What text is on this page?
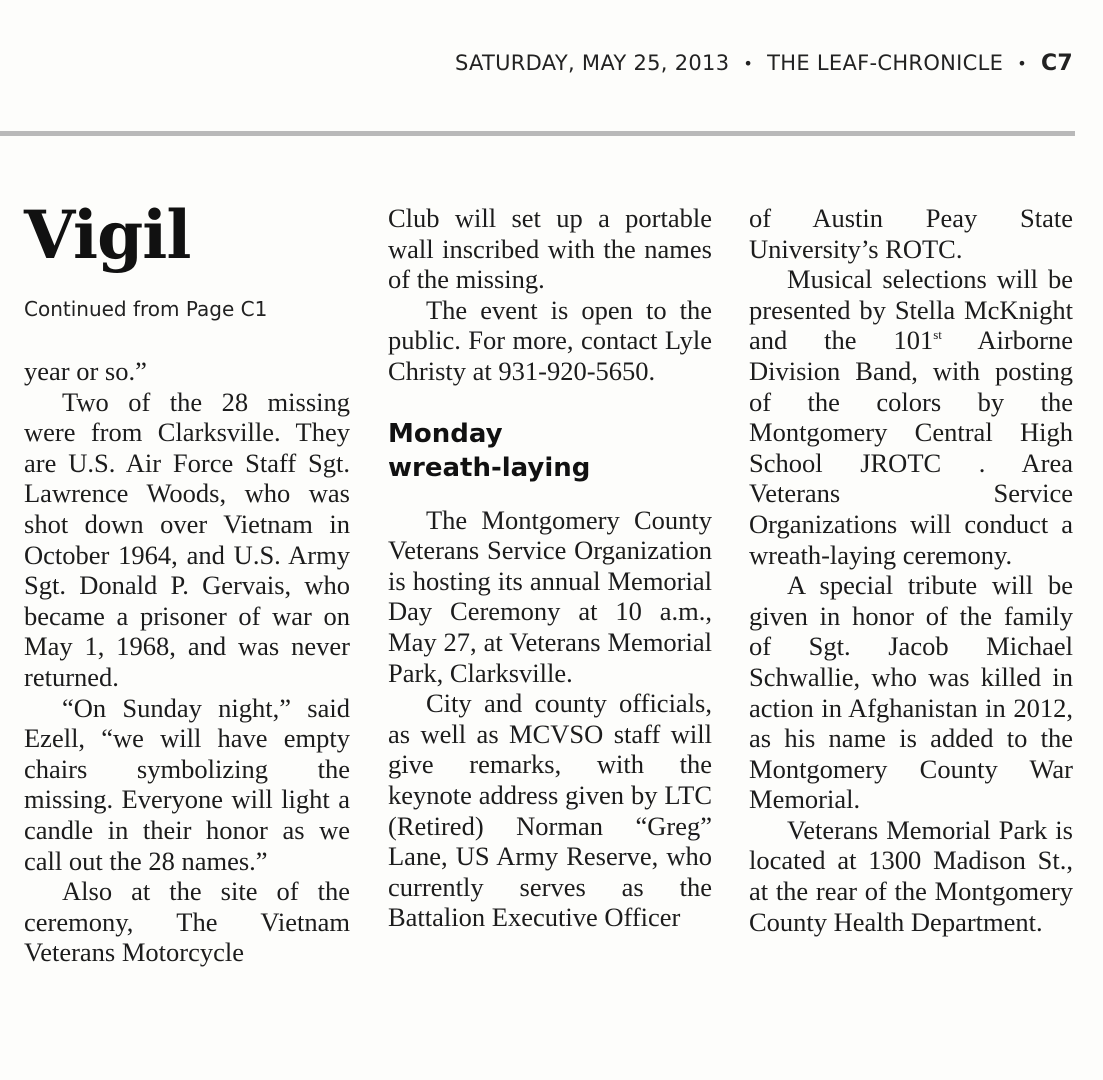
SATURDAY, MAY 25, 2013 • THE LEAF-CHRONICLE • C7
Vigil
Continued from Page C1

year or so.”

Two of the 28 missing were from Clarksville. They are U.S. Air Force Staff Sgt. Lawrence Woods, who was shot down over Vietnam in October 1964, and U.S. Army Sgt. Donald P. Gervais, who became a prisoner of war on May 1, 1968, and was never returned.

“On Sunday night,” said Ezell, “we will have empty chairs symbolizing the missing. Everyone will light a candle in their honor as we call out the 28 names.”

Also at the site of the ceremony, The Vietnam Veterans Motorcycle

Club will set up a portable wall inscribed with the names of the missing.

The event is open to the public. For more, contact Lyle Christy at 931-920-5650.

Monday
wreath-laying

The Montgomery County Veterans Service Organization is hosting its annual Memorial Day Ceremony at 10 a.m., May 27, at Veterans Memorial Park, Clarksville.

City and county officials, as well as MCVSO staff will give remarks, with the keynote address given by LTC (Retired) Norman “Greg” Lane, US Army Reserve, who currently serves as the Battalion Executive Officer

of Austin Peay State University’s ROTC.

Musical selections will be presented by Stella McKnight and the 101st Airborne Division Band, with posting of the colors by the Montgomery Central High School JROTC . Area Veterans Service Organizations will conduct a wreath-laying ceremony.

A special tribute will be given in honor of the family of Sgt. Jacob Michael Schwallie, who was killed in action in Afghanistan in 2012, as his name is added to the Montgomery County War Memorial.

Veterans Memorial Park is located at 1300 Madison St., at the rear of the Montgomery County Health Department.
